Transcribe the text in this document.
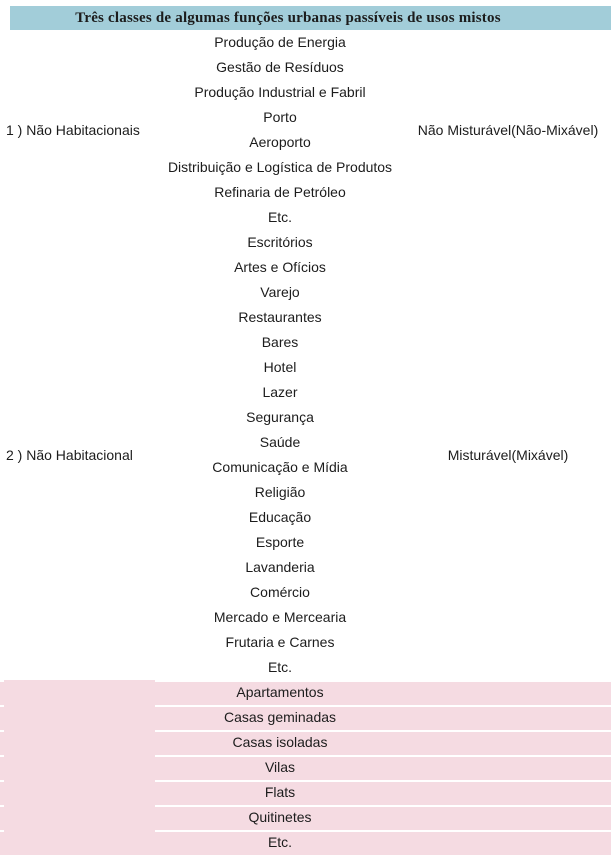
Três classes de algumas funções urbanas passíveis de usos mistos
1 ) Não Habitacionais
Produção de Energia
Gestão de Resíduos
Produção Industrial e Fabril
Porto
Aeroporto
Distribuição e Logística de Produtos
Refinaria de Petróleo
Etc.
Não Misturável(Não-Mixável)
2 ) Não Habitacional
Escritórios
Artes e Ofícios
Varejo
Restaurantes
Bares
Hotel
Lazer
Segurança
Saúde
Comunicação e Mídia
Religião
Educação
Esporte
Lavanderia
Comércio
Mercado e Mercearia
Frutaria e Carnes
Etc.
Misturável(Mixável)
Apartamentos
Casas geminadas
Casas isoladas
Vilas
Flats
Quitinetes
Etc.
